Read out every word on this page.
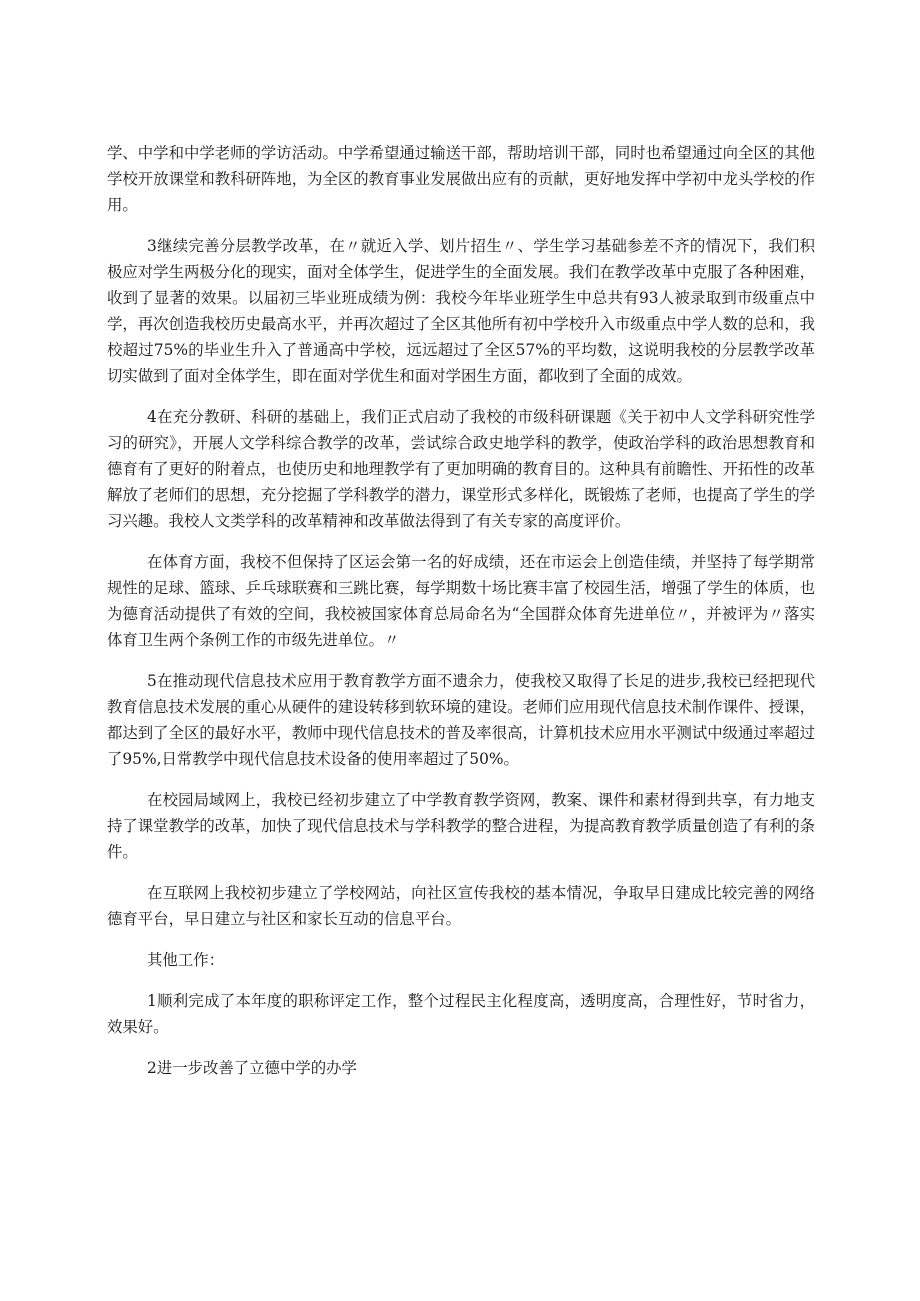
学、中学和中学老师的学访活动。中学希望通过输送干部，帮助培训干部，同时也希望通过向全区的其他学校开放课堂和教科研阵地，为全区的教育事业发展做出应有的贡献，更好地发挥中学初中龙头学校的作用。

3继续完善分层教学改革，在〃就近入学、划片招生〃、学生学习基础参差不齐的情况下，我们积极应对学生两极分化的现实，面对全体学生，促进学生的全面发展。我们在教学改革中克服了各种困难，收到了显著的效果。以届初三毕业班成绩为例：我校今年毕业班学生中总共有93人被录取到市级重点中学，再次创造我校历史最高水平，并再次超过了全区其他所有初中学校升入市级重点中学人数的总和，我校超过75%的毕业生升入了普通高中学校，远远超过了全区57%的平均数，这说明我校的分层教学改革切实做到了面对全体学生，即在面对学优生和面对学困生方面，都收到了全面的成效。

4在充分教研、科研的基础上，我们正式启动了我校的市级科研课题《关于初中人文学科研究性学习的研究》，开展人文学科综合教学的改革，尝试综合政史地学科的教学，使政治学科的政治思想教育和德育有了更好的附着点，也使历史和地理教学有了更加明确的教育目的。这种具有前瞻性、开拓性的改革解放了老师们的思想，充分挖掘了学科教学的潜力，课堂形式多样化，既锻炼了老师，也提高了学生的学习兴趣。我校人文类学科的改革精神和改革做法得到了有关专家的高度评价。

在体育方面，我校不但保持了区运会第一名的好成绩，还在市运会上创造佳绩，并坚持了每学期常规性的足球、篮球、乒乓球联赛和三跳比赛，每学期数十场比赛丰富了校园生活，增强了学生的体质，也为德育活动提供了有效的空间，我校被国家体育总局命名为“全国群众体育先进单位〃，并被评为〃落实体育卫生两个条例工作的市级先进单位。〃

5在推动现代信息技术应用于教育教学方面不遗余力，使我校又取得了长足的进步,我校已经把现代教育信息技术发展的重心从硬件的建设转移到软环境的建设。老师们应用现代信息技术制作课件、授课，都达到了全区的最好水平，教师中现代信息技术的普及率很高，计算机技术应用水平测试中级通过率超过了95%,日常教学中现代信息技术设备的使用率超过了50%。

在校园局域网上，我校已经初步建立了中学教育教学资网，教案、课件和素材得到共享，有力地支持了课堂教学的改革，加快了现代信息技术与学科教学的整合进程，为提高教育教学质量创造了有利的条件。

在互联网上我校初步建立了学校网站，向社区宣传我校的基本情况，争取早日建成比较完善的网络德育平台，早日建立与社区和家长互动的信息平台。

其他工作：

1顺利完成了本年度的职称评定工作，整个过程民主化程度高，透明度高，合理性好，节时省力，效果好。

2进一步改善了立德中学的办学
